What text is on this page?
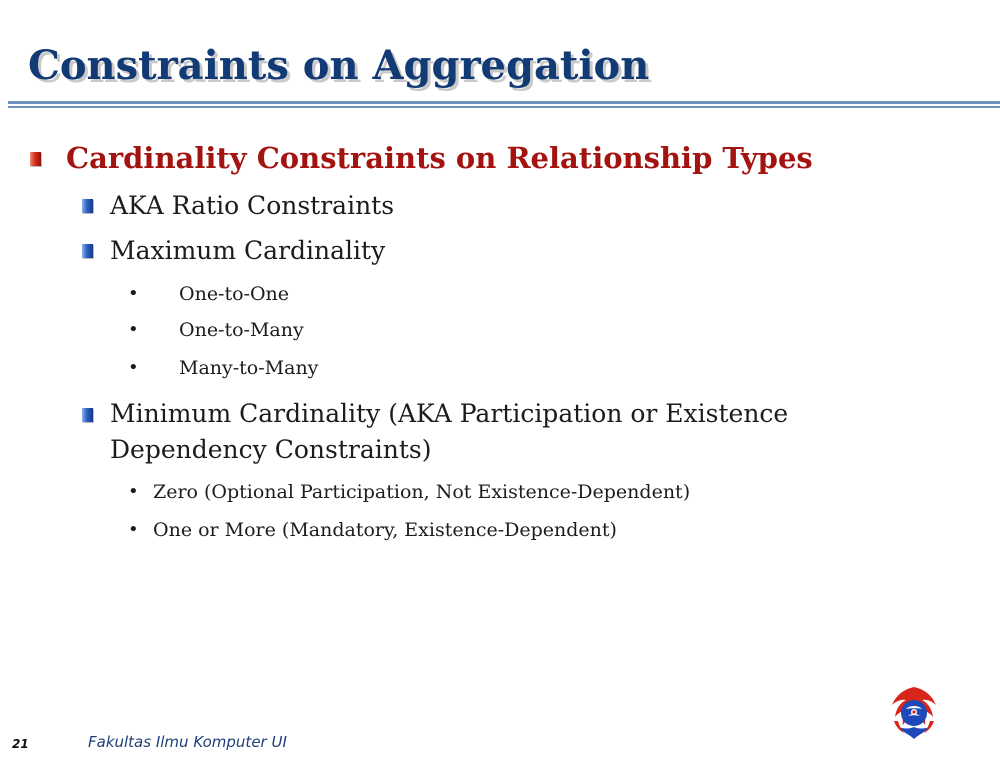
Constraints on Aggregation
Cardinality Constraints on Relationship Types
AKA Ratio Constraints
Maximum Cardinality
• One-to-One
• One-to-Many
• Many-to-Many
Minimum Cardinality (AKA Participation or Existence
Dependency Constraints)
• Zero (Optional Participation, Not Existence-Dependent)
• One or More (Mandatory, Existence-Dependent)
21	Fakultas Ilmu Komputer UI
